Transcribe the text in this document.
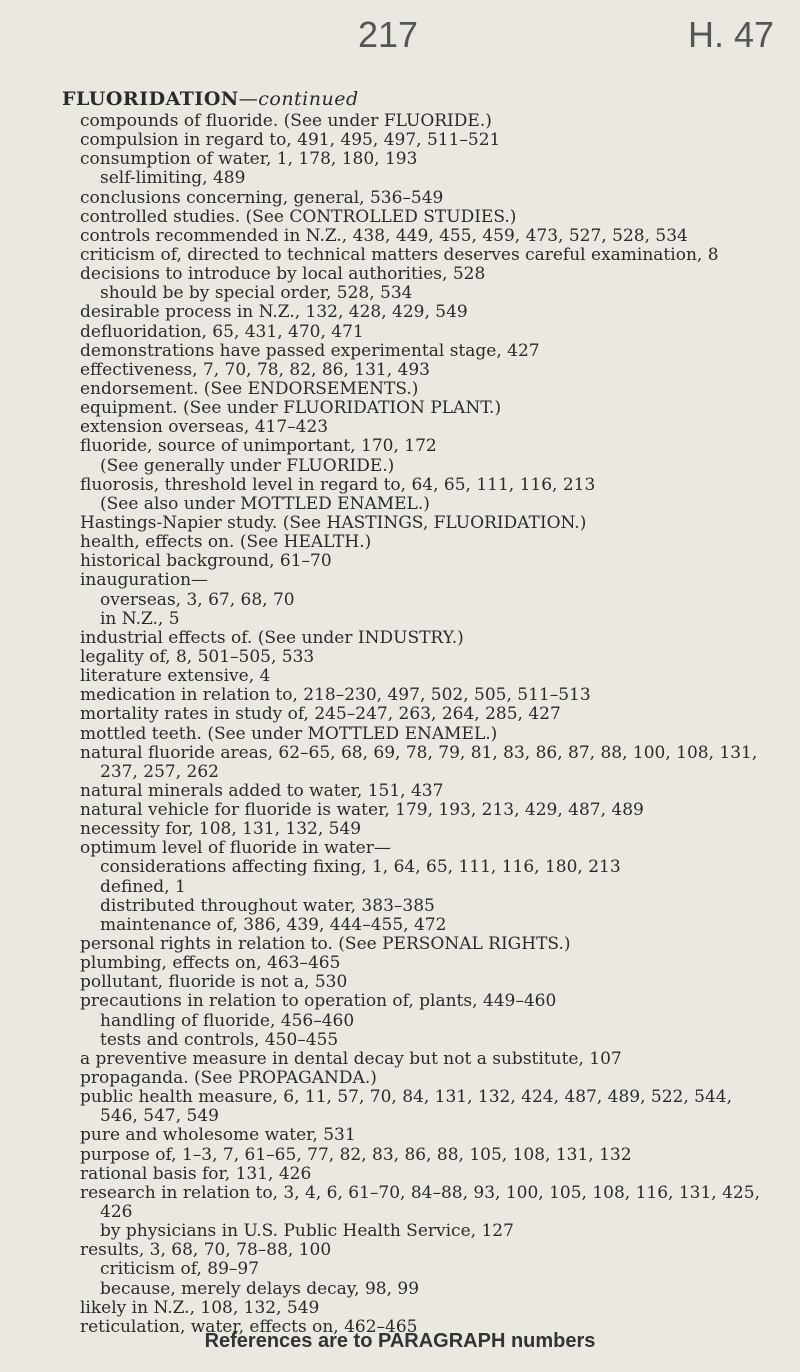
217	H. 47
FLUORIDATION—continued
compounds of fluoride. (See under FLUORIDE.)
compulsion in regard to, 491, 495, 497, 511–521
consumption of water, 1, 178, 180, 193
self-limiting, 489
conclusions concerning, general, 536–549
controlled studies. (See CONTROLLED STUDIES.)
controls recommended in N.Z., 438, 449, 455, 459, 473, 527, 528, 534
criticism of, directed to technical matters deserves careful examination, 8
decisions to introduce by local authorities, 528
should be by special order, 528, 534
desirable process in N.Z., 132, 428, 429, 549
defluoridation, 65, 431, 470, 471
demonstrations have passed experimental stage, 427
effectiveness, 7, 70, 78, 82, 86, 131, 493
endorsement. (See ENDORSEMENTS.)
equipment. (See under FLUORIDATION PLANT.)
extension overseas, 417–423
fluoride, source of unimportant, 170, 172
(See generally under FLUORIDE.)
fluorosis, threshold level in regard to, 64, 65, 111, 116, 213
(See also under MOTTLED ENAMEL.)
Hastings-Napier study. (See HASTINGS, FLUORIDATION.)
health, effects on. (See HEALTH.)
historical background, 61–70
inauguration—
overseas, 3, 67, 68, 70
in N.Z., 5
industrial effects of. (See under INDUSTRY.)
legality of, 8, 501–505, 533
literature extensive, 4
medication in relation to, 218–230, 497, 502, 505, 511–513
mortality rates in study of, 245–247, 263, 264, 285, 427
mottled teeth. (See under MOTTLED ENAMEL.)
natural fluoride areas, 62–65, 68, 69, 78, 79, 81, 83, 86, 87, 88, 100, 108, 131,
237, 257, 262
natural minerals added to water, 151, 437
natural vehicle for fluoride is water, 179, 193, 213, 429, 487, 489
necessity for, 108, 131, 132, 549
optimum level of fluoride in water—
considerations affecting fixing, 1, 64, 65, 111, 116, 180, 213
defined, 1
distributed throughout water, 383–385
maintenance of, 386, 439, 444–455, 472
personal rights in relation to. (See PERSONAL RIGHTS.)
plumbing, effects on, 463–465
pollutant, fluoride is not a, 530
precautions in relation to operation of, plants, 449–460
handling of fluoride, 456–460
tests and controls, 450–455
a preventive measure in dental decay but not a substitute, 107
propaganda. (See PROPAGANDA.)
public health measure, 6, 11, 57, 70, 84, 131, 132, 424, 487, 489, 522, 544,
546, 547, 549
pure and wholesome water, 531
purpose of, 1–3, 7, 61–65, 77, 82, 83, 86, 88, 105, 108, 131, 132
rational basis for, 131, 426
research in relation to, 3, 4, 6, 61–70, 84–88, 93, 100, 105, 108, 116, 131, 425,
426
by physicians in U.S. Public Health Service, 127
results, 3, 68, 70, 78–88, 100
criticism of, 89–97
because, merely delays decay, 98, 99
likely in N.Z., 108, 132, 549
reticulation, water, effects on, 462–465
References are to PARAGRAPH numbers
